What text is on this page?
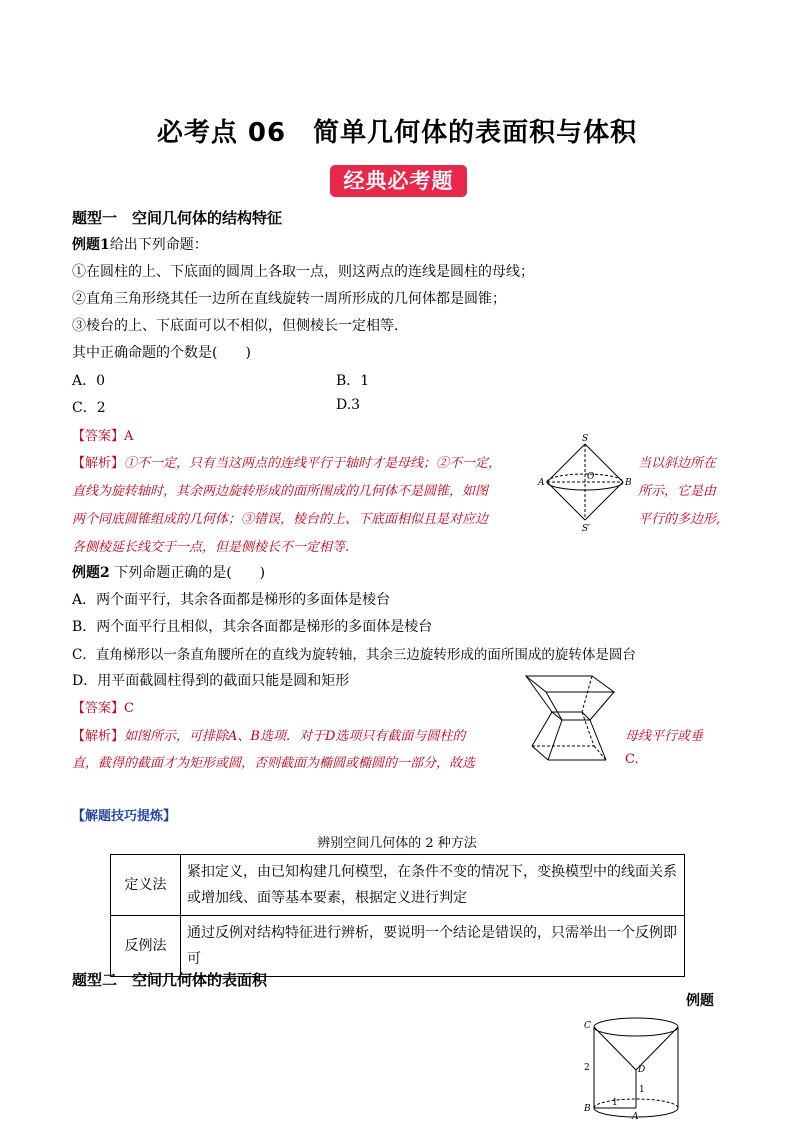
必考点 06　简单几何体的表面积与体积
经典必考题
题型一　空间几何体的结构特征
例题1给出下列命题：
①在圆柱的上、下底面的圆周上各取一点，则这两点的连线是圆柱的母线；
②直角三角形绕其任一边所在直线旋转一周所形成的几何体都是圆锥；
③棱台的上、下底面可以不相似，但侧棱长一定相等.
其中正确命题的个数是(　　)
A．0	B．1
C．2	D.3
【答案】A
【解析】①不一定，只有当这两点的连线平行于轴时才是母线；②不一定，	当以斜边所在
直线为旋转轴时，其余两边旋转形成的面所围成的几何体不是圆锥，如图	所示，它是由
两个同底圆锥组成的几何体；③错误，棱台的上、下底面相似且是对应边	平行的多边形,
各侧棱延长线交于一点，但是侧棱长不一定相等.
S
A
O
B
S′
例题2 下列命题正确的是(　　)
A．两个面平行，其余各面都是梯形的多面体是棱台
B．两个面平行且相似，其余各面都是梯形的多面体是棱台
C．直角梯形以一条直角腰所在的直线为旋转轴，其余三边旋转形成的面所围成的旋转体是圆台
D．用平面截圆柱得到的截面只能是圆和矩形
【答案】C
【解析】如图所示，可排除A、B选项．对于D选项只有截面与圆柱的	母线平行或垂
直，截得的截面才为矩形或圆，否则截面为椭圆或椭圆的一部分，故选	C.
【解题技巧提炼】
辨别空间几何体的 2 种方法
定义法	紧扣定义，由已知构建几何模型，在条件不变的情况下，变换模型中的线面关系
或增加线、面等基本要素，根据定义进行判定
反例法	通过反例对结构特征进行辨析，要说明一个结论是错误的，只需举出一个反例即
可
题型二　空间几何体的表面积
例题
C
D
A
B
2
1
1
